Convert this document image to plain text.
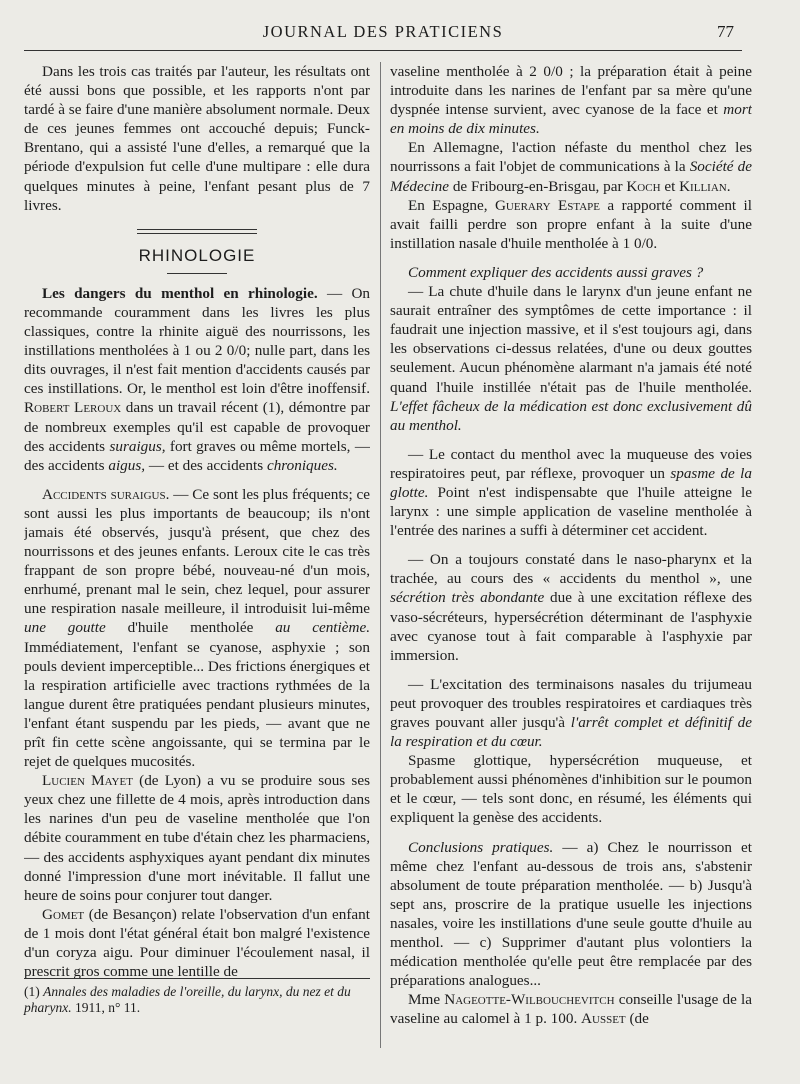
JOURNAL DES PRATICIENS	77

Dans les trois cas traités par l'auteur, les résultats ont été aussi bons que possible, et les rapports n'ont par tardé à se faire d'une manière absolument normale. Deux de ces jeunes femmes ont accouché depuis; Funck-Brentano, qui a assisté l'une d'elles, a remarqué que la période d'expulsion fut celle d'une multipare : elle dura quelques minutes à peine, l'enfant pesant plus de 7 livres.

RHINOLOGIE

Les dangers du menthol en rhinologie. — On recommande couramment dans les livres les plus classiques, contre la rhinite aiguë des nourrissons, les instillations mentholées à 1 ou 2 0/0; nulle part, dans les dits ouvrages, il n'est fait mention d'accidents causés par ces instillations. Or, le menthol est loin d'être inoffensif. Robert Leroux dans un travail récent (1), démontre par de nombreux exemples qu'il est capable de provoquer des accidents suraigus, fort graves ou même mortels, — des accidents aigus, — et des accidents chroniques.

Accidents suraigus. — Ce sont les plus fréquents; ce sont aussi les plus importants de beaucoup; ils n'ont jamais été observés, jusqu'à présent, que chez des nourrissons et des jeunes enfants. Leroux cite le cas très frappant de son propre bébé, nouveau-né d'un mois, enrhumé, prenant mal le sein, chez lequel, pour assurer une respiration nasale meilleure, il introduisit lui-même une goutte d'huile mentholée au centième. Immédiatement, l'enfant se cyanose, asphyxie ; son pouls devient imperceptible... Des frictions énergiques et la respiration artificielle avec tractions rythmées de la langue durent être pratiquées pendant plusieurs minutes, l'enfant étant suspendu par les pieds, — avant que ne prît fin cette scène angoissante, qui se termina par le rejet de quelques mucosités.

Lucien Mayet (de Lyon) a vu se produire sous ses yeux chez une fillette de 4 mois, après introduction dans les narines d'un peu de vaseline mentholée que l'on débite couramment en tube d'étain chez les pharmaciens, — des accidents asphyxiques ayant pendant dix minutes donné l'impression d'une mort inévitable. Il fallut une heure de soins pour conjurer tout danger.

Gomet (de Besançon) relate l'observation d'un enfant de 1 mois dont l'état général était bon malgré l'existence d'un coryza aigu. Pour diminuer l'écoulement nasal, il prescrit gros comme une lentille de

(1) Annales des maladies de l'oreille, du larynx, du nez et du pharynx. 1911, n° 11.

vaseline mentholée à 2 0/0 ; la préparation était à peine introduite dans les narines de l'enfant par sa mère qu'une dyspnée intense survient, avec cyanose de la face et mort en moins de dix minutes.

En Allemagne, l'action néfaste du menthol chez les nourrissons a fait l'objet de communications à la Société de Médecine de Fribourg-en-Brisgau, par Koch et Killian.

En Espagne, Guerary Estape a rapporté comment il avait failli perdre son propre enfant à la suite d'une instillation nasale d'huile mentholée à 1 0/0.

Comment expliquer des accidents aussi graves ?

— La chute d'huile dans le larynx d'un jeune enfant ne saurait entraîner des symptômes de cette importance : il faudrait une injection massive, et il s'est toujours agi, dans les observations ci-dessus relatées, d'une ou deux gouttes seulement. Aucun phénomène alarmant n'a jamais été noté quand l'huile instillée n'était pas de l'huile mentholée. L'effet fâcheux de la médication est donc exclusivement dû au menthol.

— Le contact du menthol avec la muqueuse des voies respiratoires peut, par réflexe, provoquer un spasme de la glotte. Point n'est indispensabte que l'huile atteigne le larynx : une simple application de vaseline mentholée à l'entrée des narines a suffi à déterminer cet accident.

— On a toujours constaté dans le naso-pharynx et la trachée, au cours des « accidents du menthol », une sécrétion très abondante due à une excitation réflexe des vaso-sécréteurs, hypersécrétion déterminant de l'asphyxie avec cyanose tout à fait comparable à l'asphyxie par immersion.

— L'excitation des terminaisons nasales du trijumeau peut provoquer des troubles respiratoires et cardiaques très graves pouvant aller jusqu'à l'arrêt complet et définitif de la respiration et du cœur.

Spasme glottique, hypersécrétion muqueuse, et probablement aussi phénomènes d'inhibition sur le poumon et le cœur, — tels sont donc, en résumé, les éléments qui expliquent la genèse des accidents.

Conclusions pratiques. — a) Chez le nourrisson et même chez l'enfant au-dessous de trois ans, s'abstenir absolument de toute préparation mentholée. — b) Jusqu'à sept ans, proscrire de la pratique usuelle les injections nasales, voire les instillations d'une seule goutte d'huile au menthol. — c) Supprimer d'autant plus volontiers la médication mentholée qu'elle peut être remplacée par des préparations analogues...

Mme Nageotte-Wilbouchevitch conseille l'usage de la vaseline au calomel à 1 p. 100. Ausset (de
